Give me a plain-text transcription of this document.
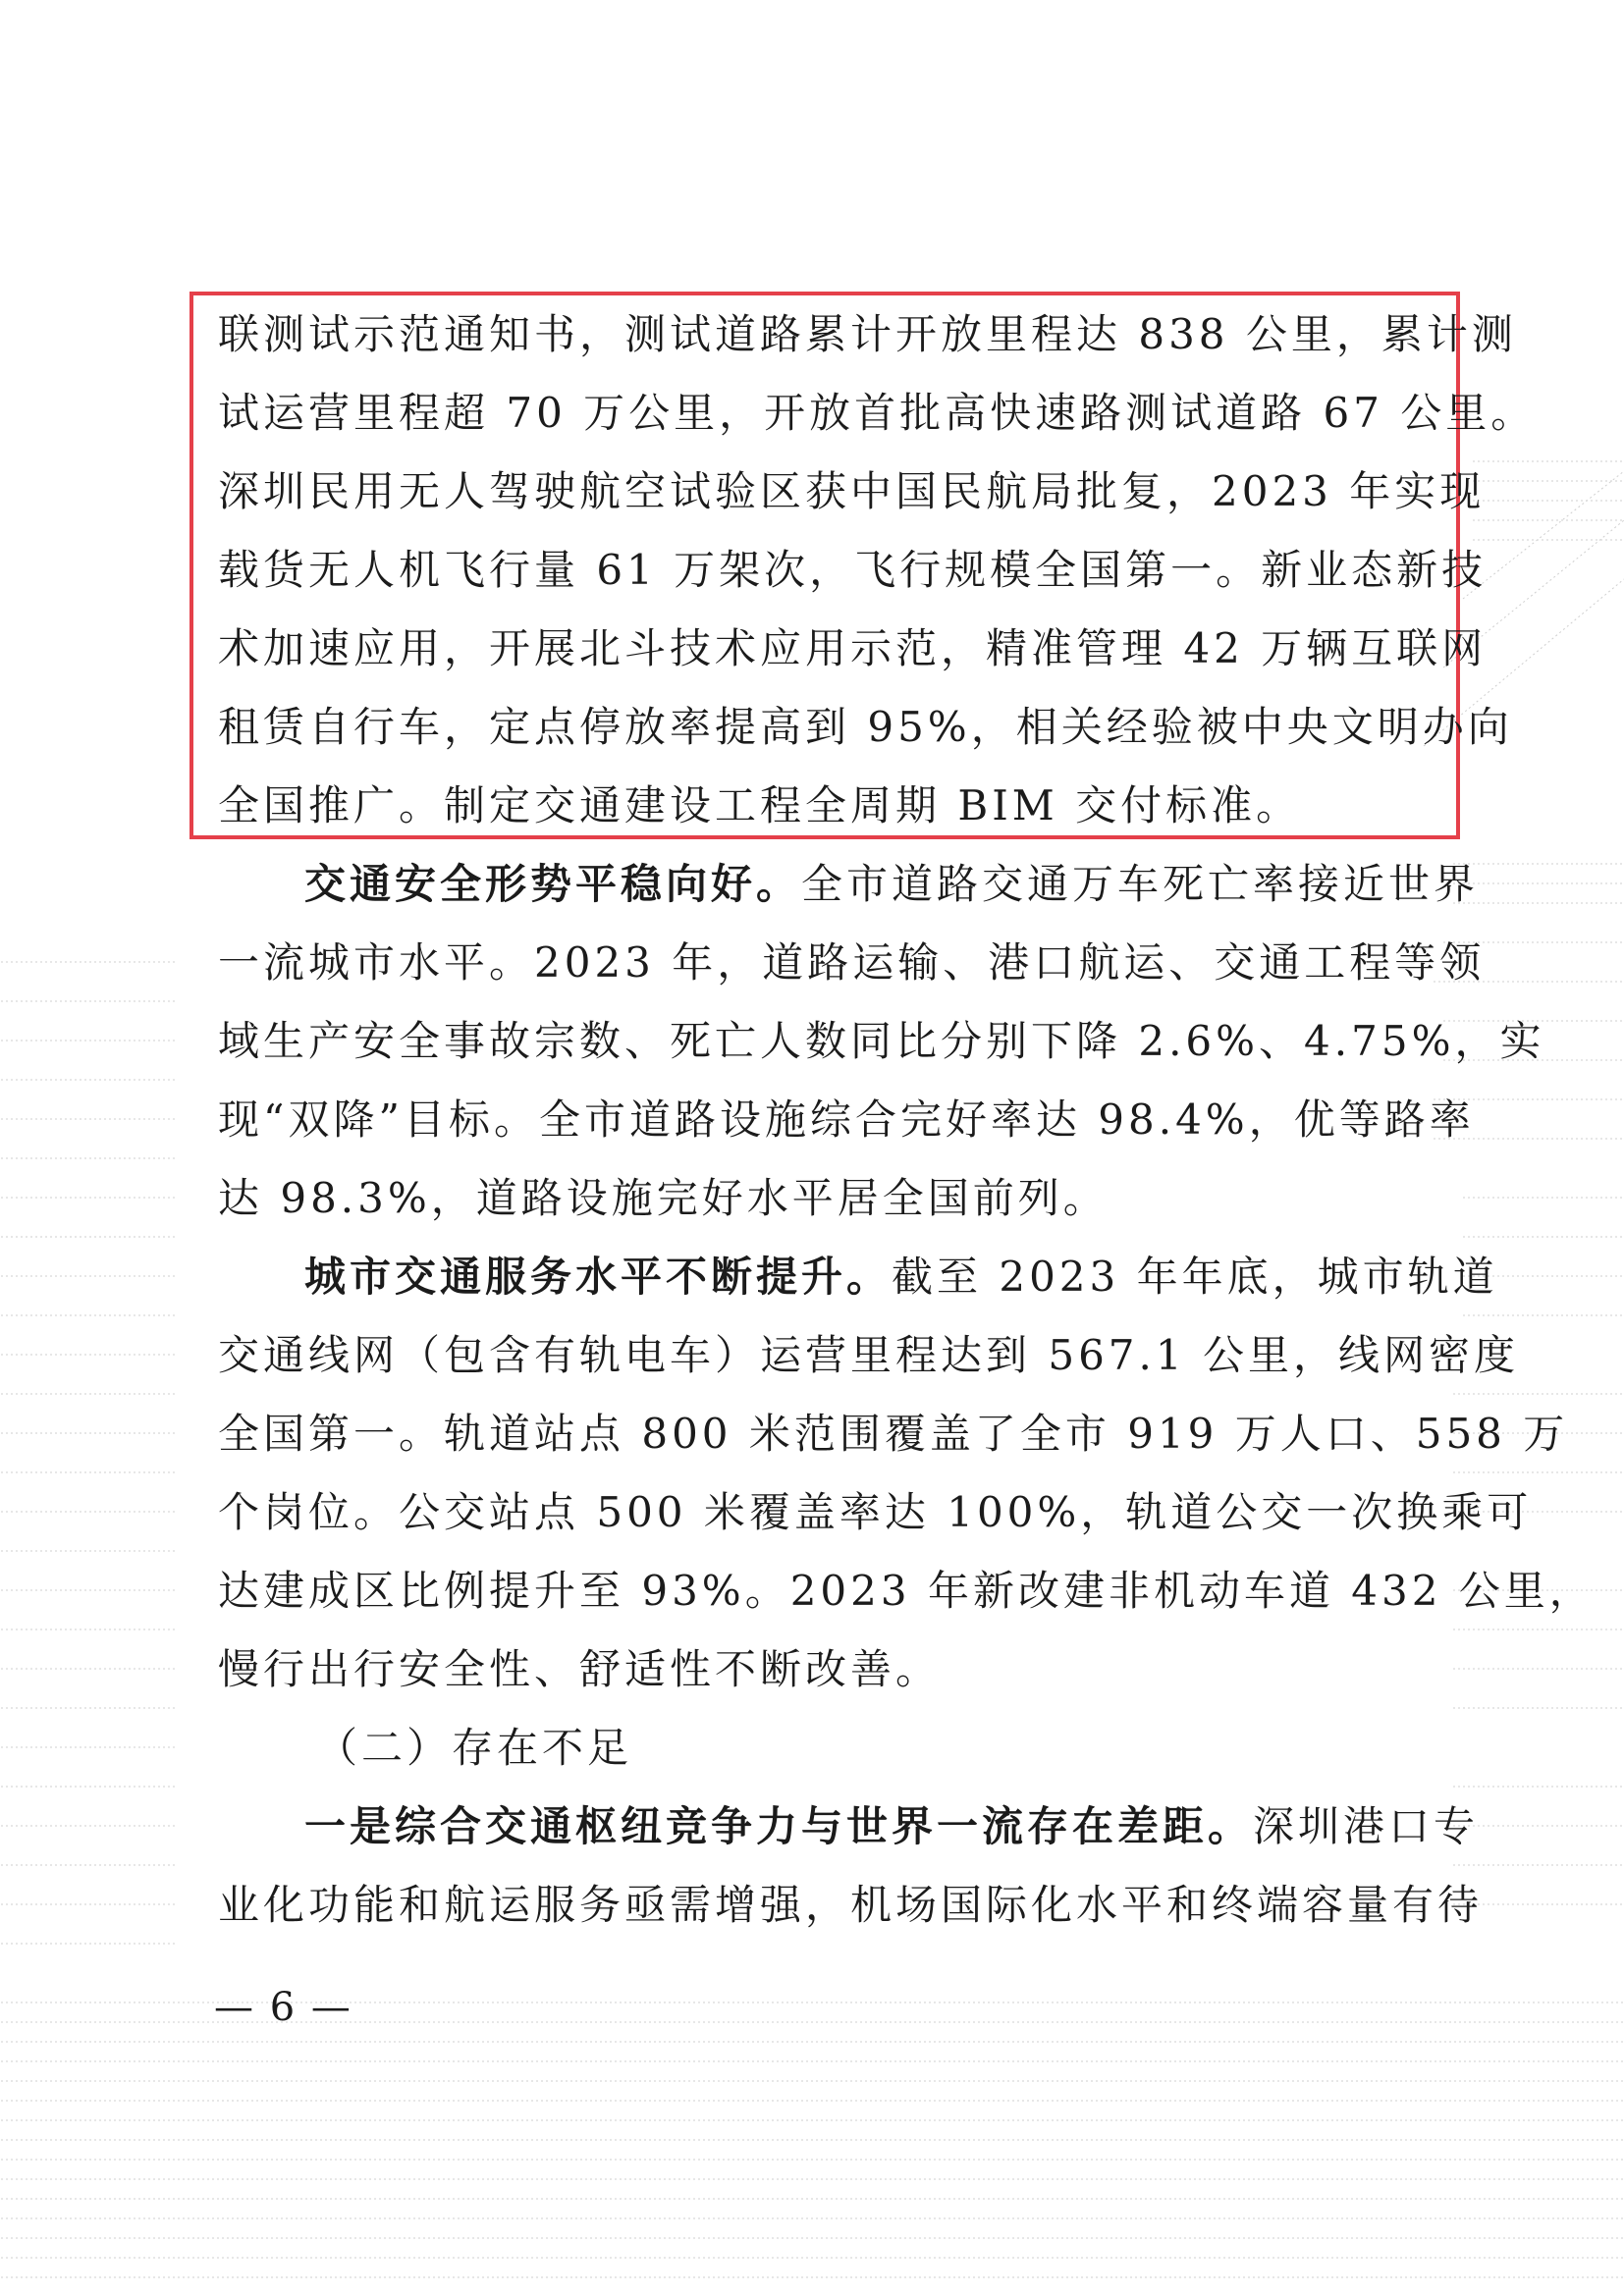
联测试示范通知书，测试道路累计开放里程达 838 公里，累计测
试运营里程超 70 万公里，开放首批高快速路测试道路 67 公里。
深圳民用无人驾驶航空试验区获中国民航局批复，2023 年实现
载货无人机飞行量 61 万架次，飞行规模全国第一。新业态新技
术加速应用，开展北斗技术应用示范，精准管理 42 万辆互联网
租赁自行车，定点停放率提高到 95%，相关经验被中央文明办向
全国推广。制定交通建设工程全周期 BIM 交付标准。
交通安全形势平稳向好。全市道路交通万车死亡率接近世界
一流城市水平。2023 年，道路运输、港口航运、交通工程等领
域生产安全事故宗数、死亡人数同比分别下降 2.6%、4.75%，实
现“双降”目标。全市道路设施综合完好率达 98.4%，优等路率
达 98.3%，道路设施完好水平居全国前列。
城市交通服务水平不断提升。截至 2023 年年底，城市轨道
交通线网（包含有轨电车）运营里程达到 567.1 公里，线网密度
全国第一。轨道站点 800 米范围覆盖了全市 919 万人口、558 万
个岗位。公交站点 500 米覆盖率达 100%，轨道公交一次换乘可
达建成区比例提升至 93%。2023 年新改建非机动车道 432 公里，
慢行出行安全性、舒适性不断改善。
（二）存在不足
一是综合交通枢纽竞争力与世界一流存在差距。深圳港口专
业化功能和航运服务亟需增强，机场国际化水平和终端容量有待
— 6 —
